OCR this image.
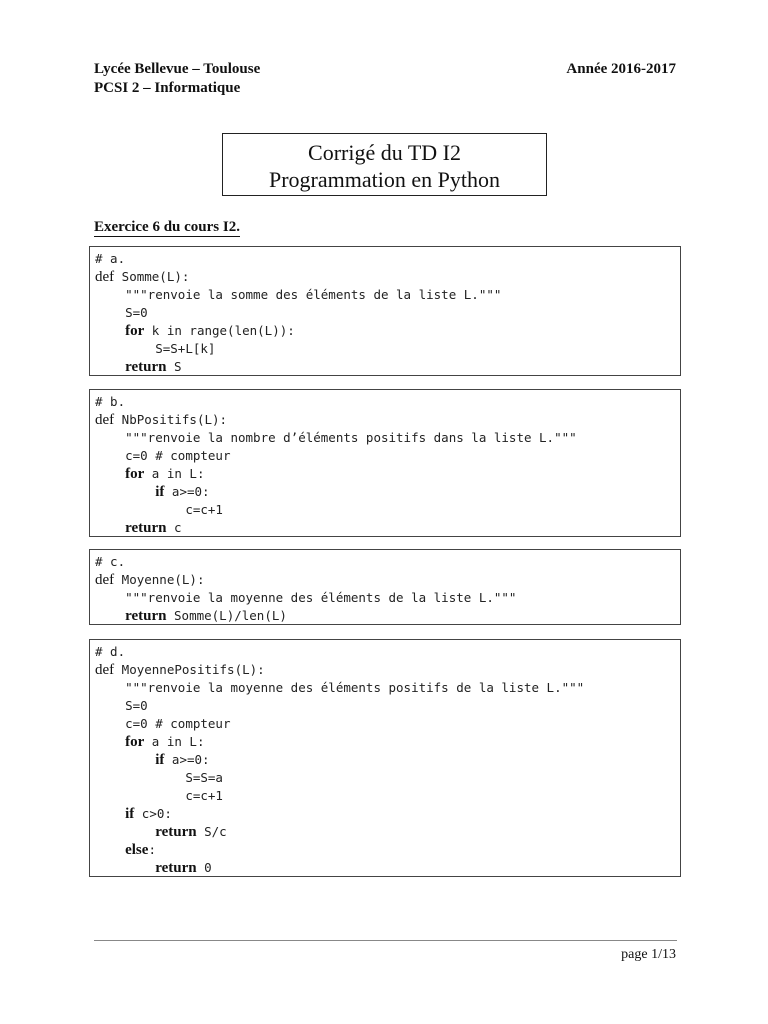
Lycée Bellevue – Toulouse
PCSI 2 – Informatique
Année 2016-2017
Corrigé du TD I2
Programmation en Python
Exercice 6 du cours I2.
# a.
def Somme(L):
"""renvoie la somme des éléments de la liste L."""
S=0
for k in range(len(L)):
S=S+L[k]
return S
# b.
def NbPositifs(L):
"""renvoie la nombre d’éléments positifs dans la liste L."""
c=0 # compteur
for a in L:
if a>=0:
c=c+1
return c
# c.
def Moyenne(L):
"""renvoie la moyenne des éléments de la liste L."""
return Somme(L)/len(L)
# d.
def MoyennePositifs(L):
"""renvoie la moyenne des éléments positifs de la liste L."""
S=0
c=0 # compteur
for a in L:
if a>=0:
S=S=a
c=c+1
if c>0:
return S/c
else:
return 0
page 1/13
